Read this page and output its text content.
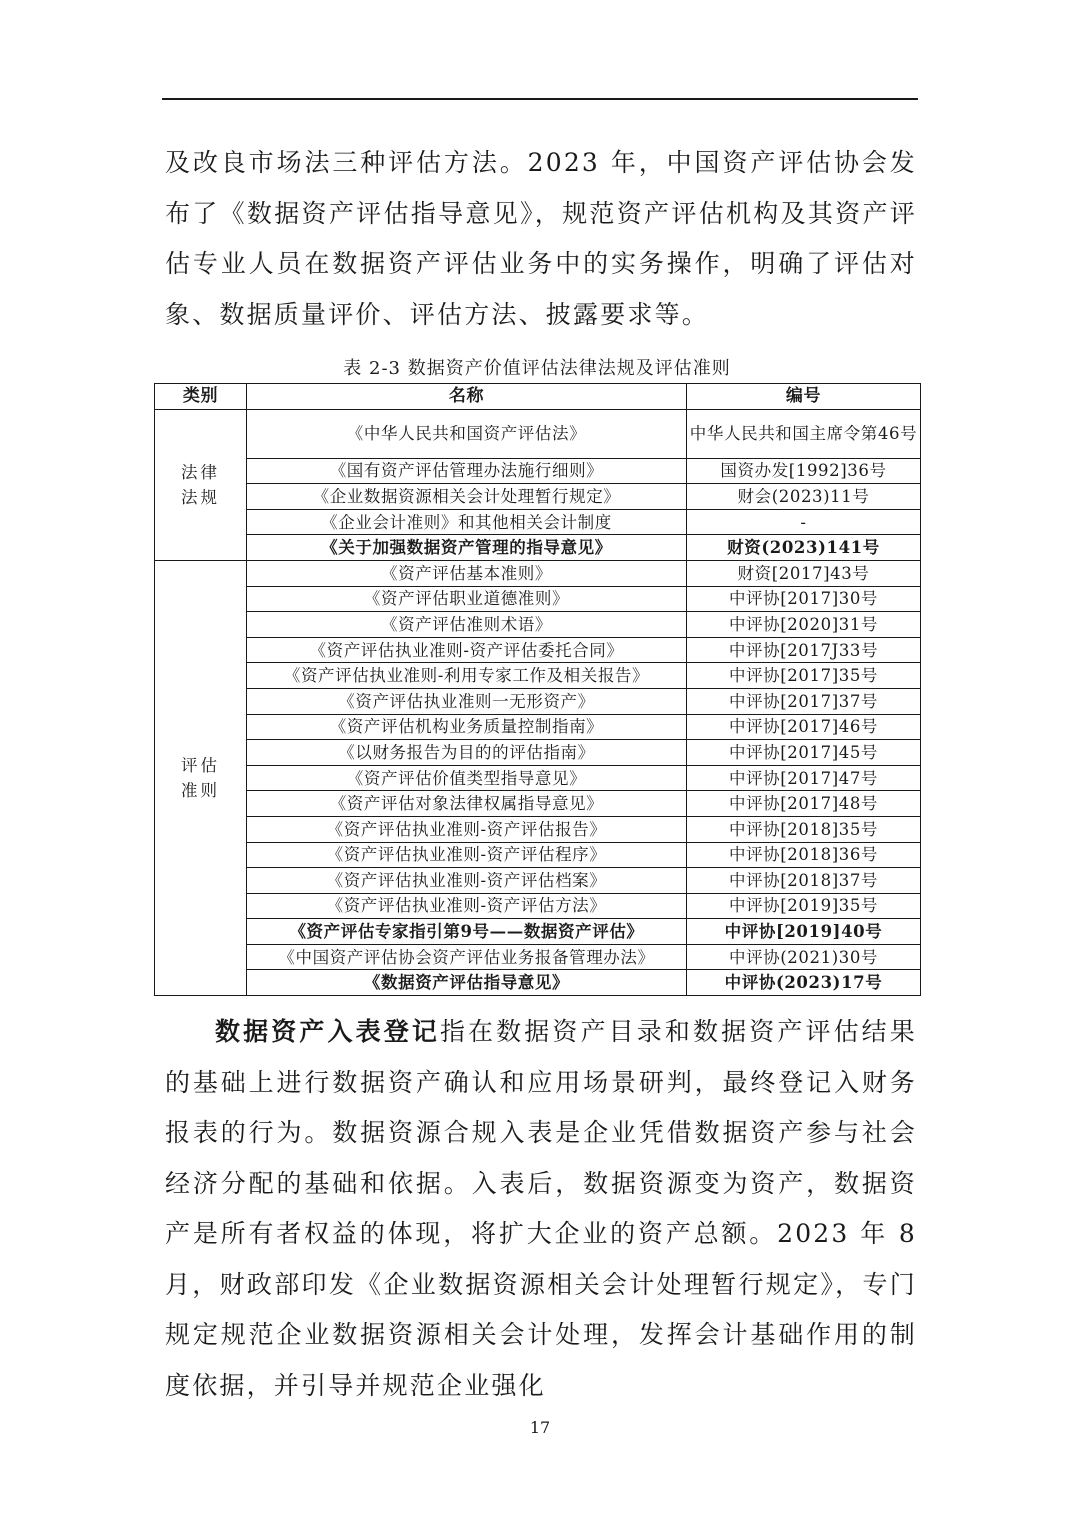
及改良市场法三种评估方法。2023 年，中国资产评估协会发布了《数据资产评估指导意见》，规范资产评估机构及其资产评估专业人员在数据资产评估业务中的实务操作，明确了评估对象、数据质量评价、评估方法、披露要求等。

表 2-3 数据资产价值评估法律法规及评估准则
类别	名称	编号

法律
法规	《中华人民共和国资产评估法》	中华人民共和国主席令第46号
	《国有资产评估管理办法施行细则》	国资办发[1992]36号
	《企业数据资源相关会计处理暂行规定》	财会(2023)11号
	《企业会计准则》和其他相关会计制度	-
	《关于加强数据资产管理的指导意见》	财资(2023)141号

评估
准则	《资产评估基本准则》	财资[2017]43号
	《资产评估职业道德准则》	中评协[2017]30号
	《资产评估准则术语》	中评协[2020]31号
	《资产评估执业准则-资产评估委托合同》	中评协[2017J33号
	《资产评估执业准则-利用专家工作及相关报告》	中评协[2017]35号
	《资产评估执业准则一无形资产》	中评协[2017]37号
	《资产评估机构业务质量控制指南》	中评协[2017]46号
	《以财务报告为目的的评估指南》	中评协[2017]45号
	《资产评估价值类型指导意见》	中评协[2017]47号
	《资产评估对象法律权属指导意见》	中评协[2017]48号
	《资产评估执业准则-资产评估报告》	中评协[2018]35号
	《资产评估执业准则-资产评估程序》	中评协[2018]36号
	《资产评估执业准则-资产评估档案》	中评协[2018]37号
	《资产评估执业准则-资产评估方法》	中评协[2019]35号
	《资产评估专家指引第9号——数据资产评估》	中评协[2019]40号
	《中国资产评估协会资产评估业务报备管理办法》	中评协(2021)30号
	《数据资产评估指导意见》	中评协(2023)17号

数据资产入表登记指在数据资产目录和数据资产评估结果的基础上进行数据资产确认和应用场景研判，最终登记入财务报表的行为。数据资源合规入表是企业凭借数据资产参与社会经济分配的基础和依据。入表后，数据资源变为资产，数据资产是所有者权益的体现，将扩大企业的资产总额。2023 年 8 月，财政部印发《企业数据资源相关会计处理暂行规定》，专门规定规范企业数据资源相关会计处理，发挥会计基础作用的制度依据，并引导并规范企业强化

17
